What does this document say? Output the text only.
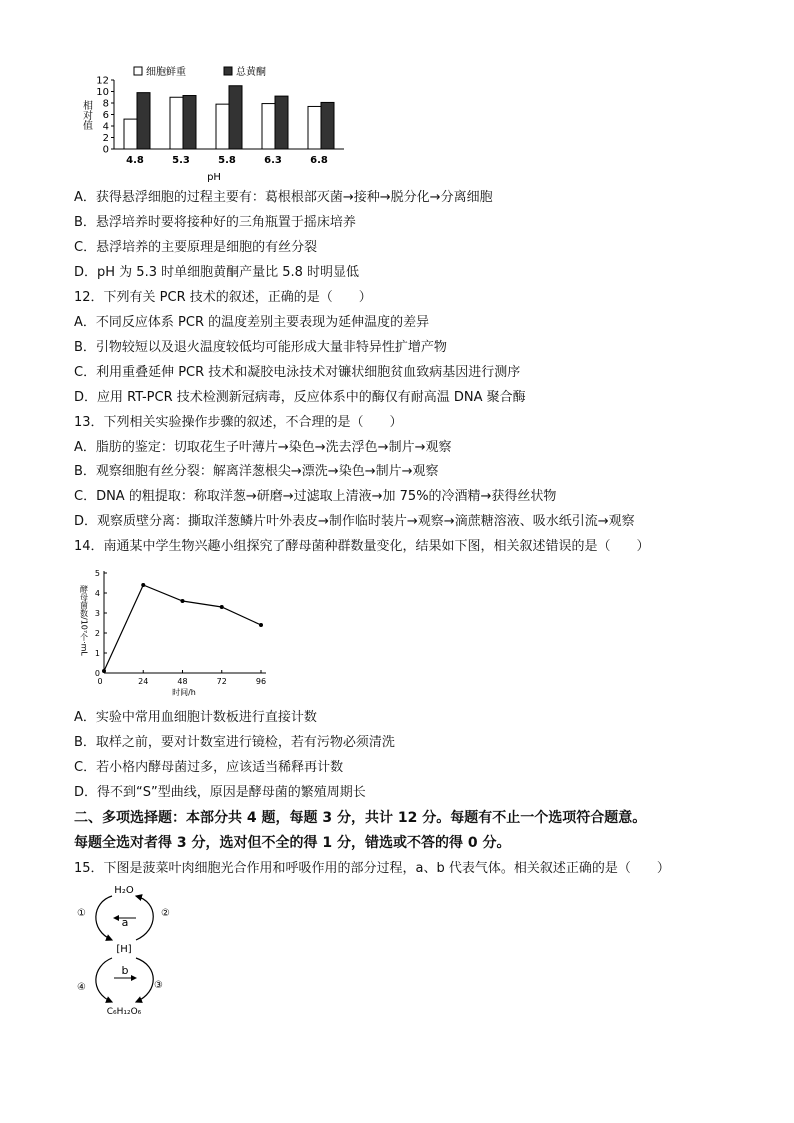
细胞鲜重	总黄酮
相对值
0
2
4
6
8
10
12
4.8	5.3	5.8	6.3	6.8
pH
A．获得悬浮细胞的过程主要有：葛根根部灭菌→接种→脱分化→分离细胞
B．悬浮培养时要将接种好的三角瓶置于摇床培养
C．悬浮培养的主要原理是细胞的有丝分裂
D．pH 为 5.3 时单细胞黄酮产量比 5.8 时明显低
12．下列有关 PCR 技术的叙述，正确的是（　　）
A．不同反应体系 PCR 的温度差别主要表现为延伸温度的差异
B．引物较短以及退火温度较低均可能形成大量非特异性扩增产物
C．利用重叠延伸 PCR 技术和凝胶电泳技术对镰状细胞贫血致病基因进行测序
D．应用 RT-PCR 技术检测新冠病毒，反应体系中的酶仅有耐高温 DNA 聚合酶
13．下列相关实验操作步骤的叙述，不合理的是（　　）
A．脂肪的鉴定：切取花生子叶薄片→染色→洗去浮色→制片→观察
B．观察细胞有丝分裂：解离洋葱根尖→漂洗→染色→制片→观察
C．DNA 的粗提取：称取洋葱→研磨→过滤取上清液→加 75%的冷酒精→获得丝状物
D．观察质壁分离：撕取洋葱鳞片叶外表皮→制作临时装片→观察→滴蔗糖溶液、吸水纸引流→观察
14．南通某中学生物兴趣小组探究了酵母菌种群数量变化，结果如下图，相关叙述错误的是（　　）
酵母菌数/10⁷个·mL
0
1
2
3
4
5
0	24	48	72	96
时间/h
A．实验中常用血细胞计数板进行直接计数
B．取样之前，要对计数室进行镜检，若有污物必须清洗
C．若小格内酵母菌过多，应该适当稀释再计数
D．得不到“S”型曲线，原因是酵母菌的繁殖周期长
二、多项选择题：本部分共 4 题，每题 3 分，共计 12 分。每题有不止一个选项符合题意。
每题全选对者得 3 分，选对但不全的得 1 分，错选或不答的得 0 分。
15．下图是菠菜叶肉细胞光合作用和呼吸作用的部分过程，a、b 代表气体。相关叙述正确的是（　　）
H₂O
a
①	②
[H]
b
④	③
C₆H₁₂O₆
